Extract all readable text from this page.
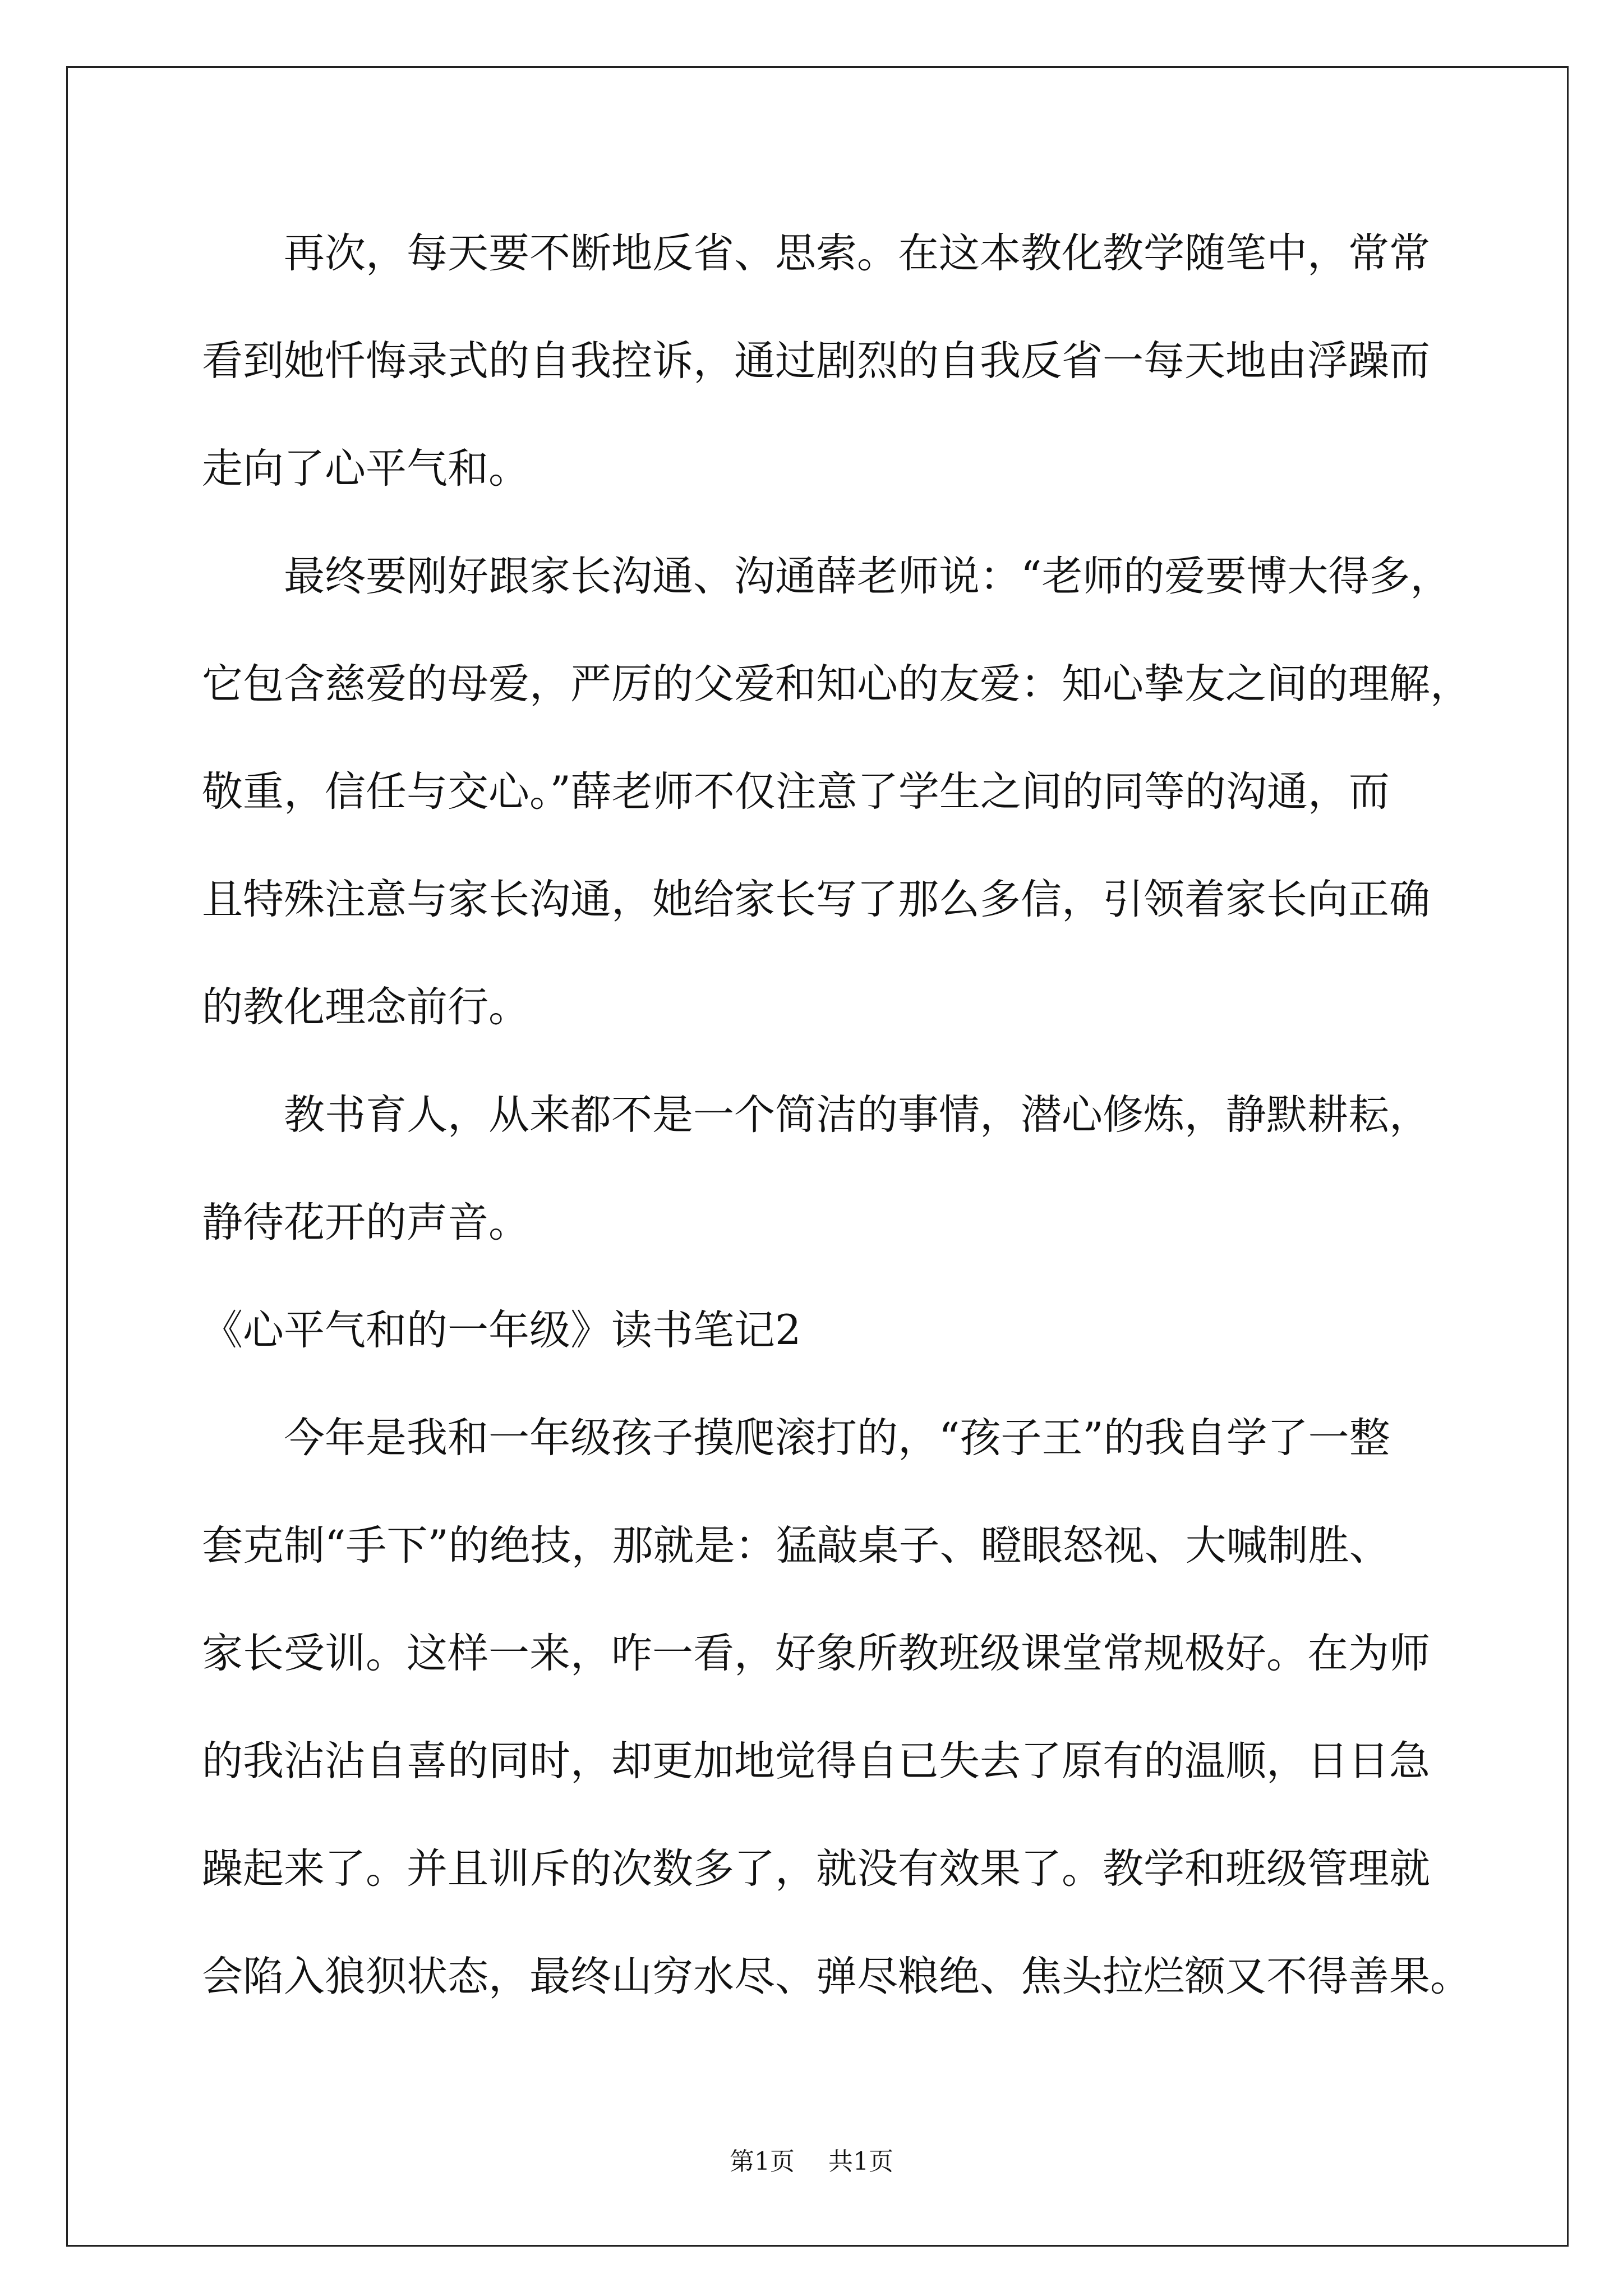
再次，每天要不断地反省、思索。在这本教化教学随笔中，常常
看到她忏悔录式的自我控诉，通过剧烈的自我反省一每天地由浮躁而
走向了心平气和。
最终要刚好跟家长沟通、沟通薛老师说：“老师的爱要博大得多，
它包含慈爱的母爱，严厉的父爱和知心的友爱：知心挚友之间的理解，
敬重，信任与交心。”薛老师不仅注意了学生之间的同等的沟通，而
且特殊注意与家长沟通，她给家长写了那么多信，引领着家长向正确
的教化理念前行。
教书育人，从来都不是一个简洁的事情，潜心修炼，静默耕耘，
静待花开的声音。
《心平气和的一年级》读书笔记2
今年是我和一年级孩子摸爬滚打的，“孩子王”的我自学了一整
套克制“手下”的绝技，那就是：猛敲桌子、瞪眼怒视、大喊制胜、
家长受训。这样一来，咋一看，好象所教班级课堂常规极好。在为师
的我沾沾自喜的同时，却更加地觉得自已失去了原有的温顺，日日急
躁起来了。并且训斥的次数多了，就没有效果了。教学和班级管理就
会陷入狼狈状态，最终山穷水尽、弹尽粮绝、焦头拉烂额又不得善果。
第1页 共1页
